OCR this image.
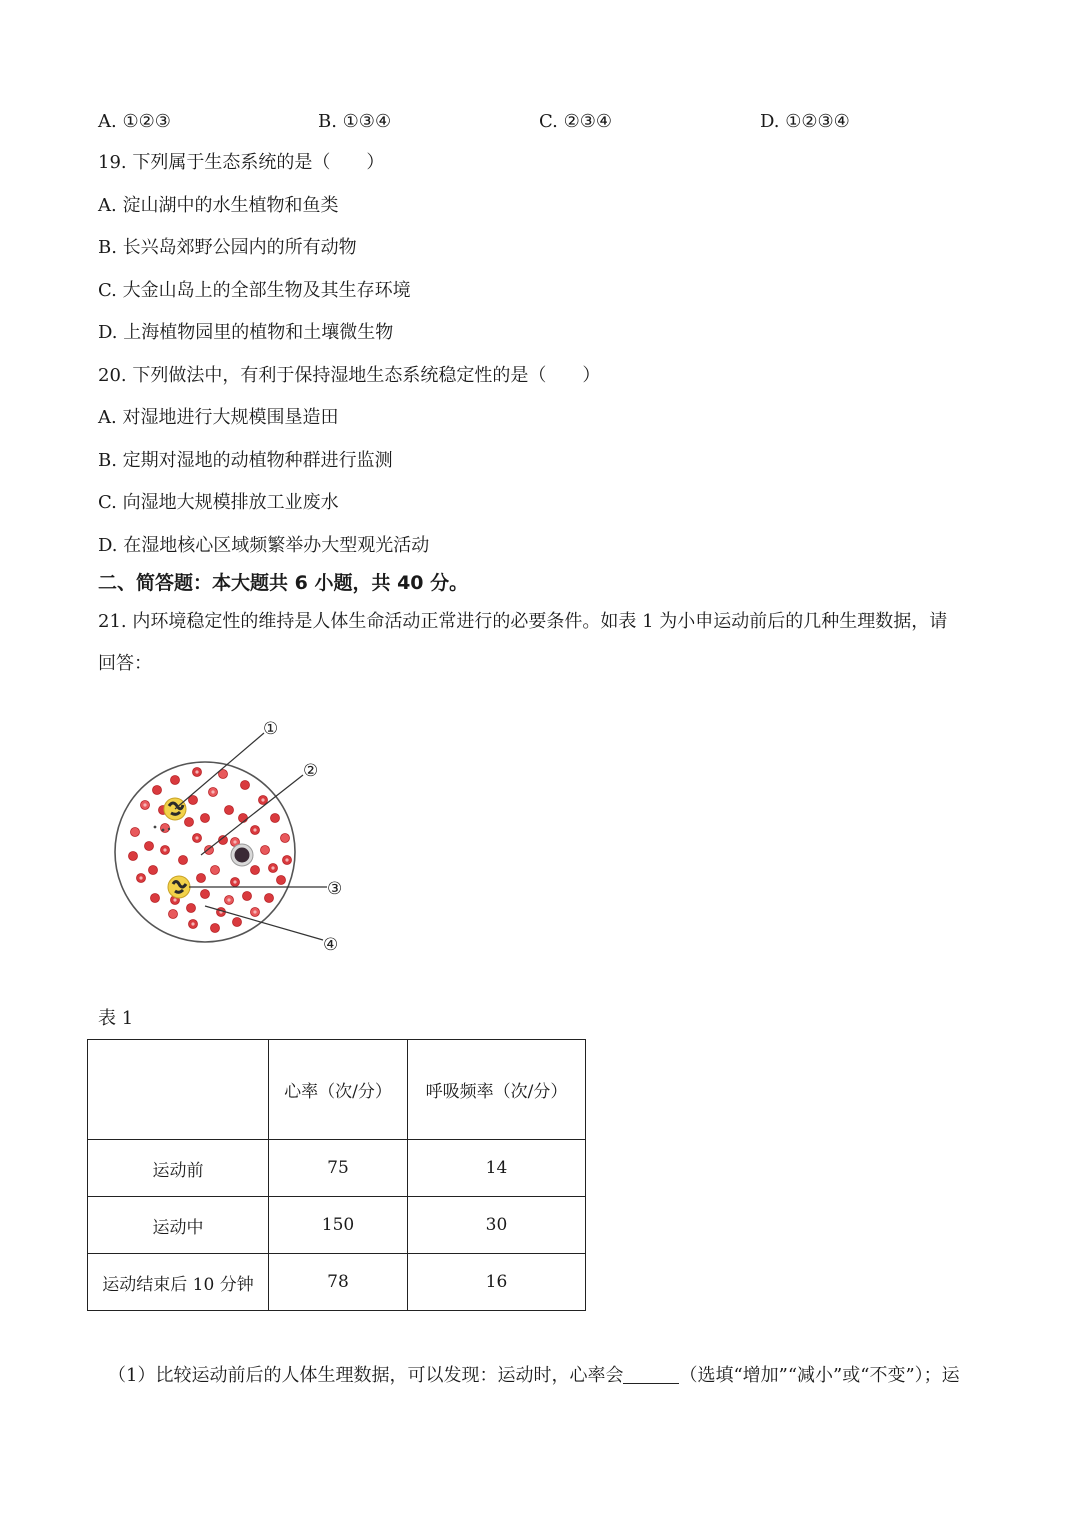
A. ①②③	B. ①③④	C. ②③④	D. ①②③④
19. 下列属于生态系统的是（　　）
A. 淀山湖中的水生植物和鱼类
B. 长兴岛郊野公园内的所有动物
C. 大金山岛上的全部生物及其生存环境
D. 上海植物园里的植物和土壤微生物
20. 下列做法中，有利于保持湿地生态系统稳定性的是（　　）
A. 对湿地进行大规模围垦造田
B. 定期对湿地的动植物种群进行监测
C. 向湿地大规模排放工业废水
D. 在湿地核心区域频繁举办大型观光活动
二、简答题：本大题共 6 小题，共 40 分。
21. 内环境稳定性的维持是人体生命活动正常进行的必要条件。如表 1 为小申运动前后的几种生理数据，请
回答：
①
②
③
④
表 1
	心率（次/分）	呼吸频率（次/分）
运动前	75	14
运动中	150	30
运动结束后 10 分钟	78	16
（1）比较运动前后的人体生理数据，可以发现：运动时，心率会	（选填“增加”“减小”或“不变”）；运
